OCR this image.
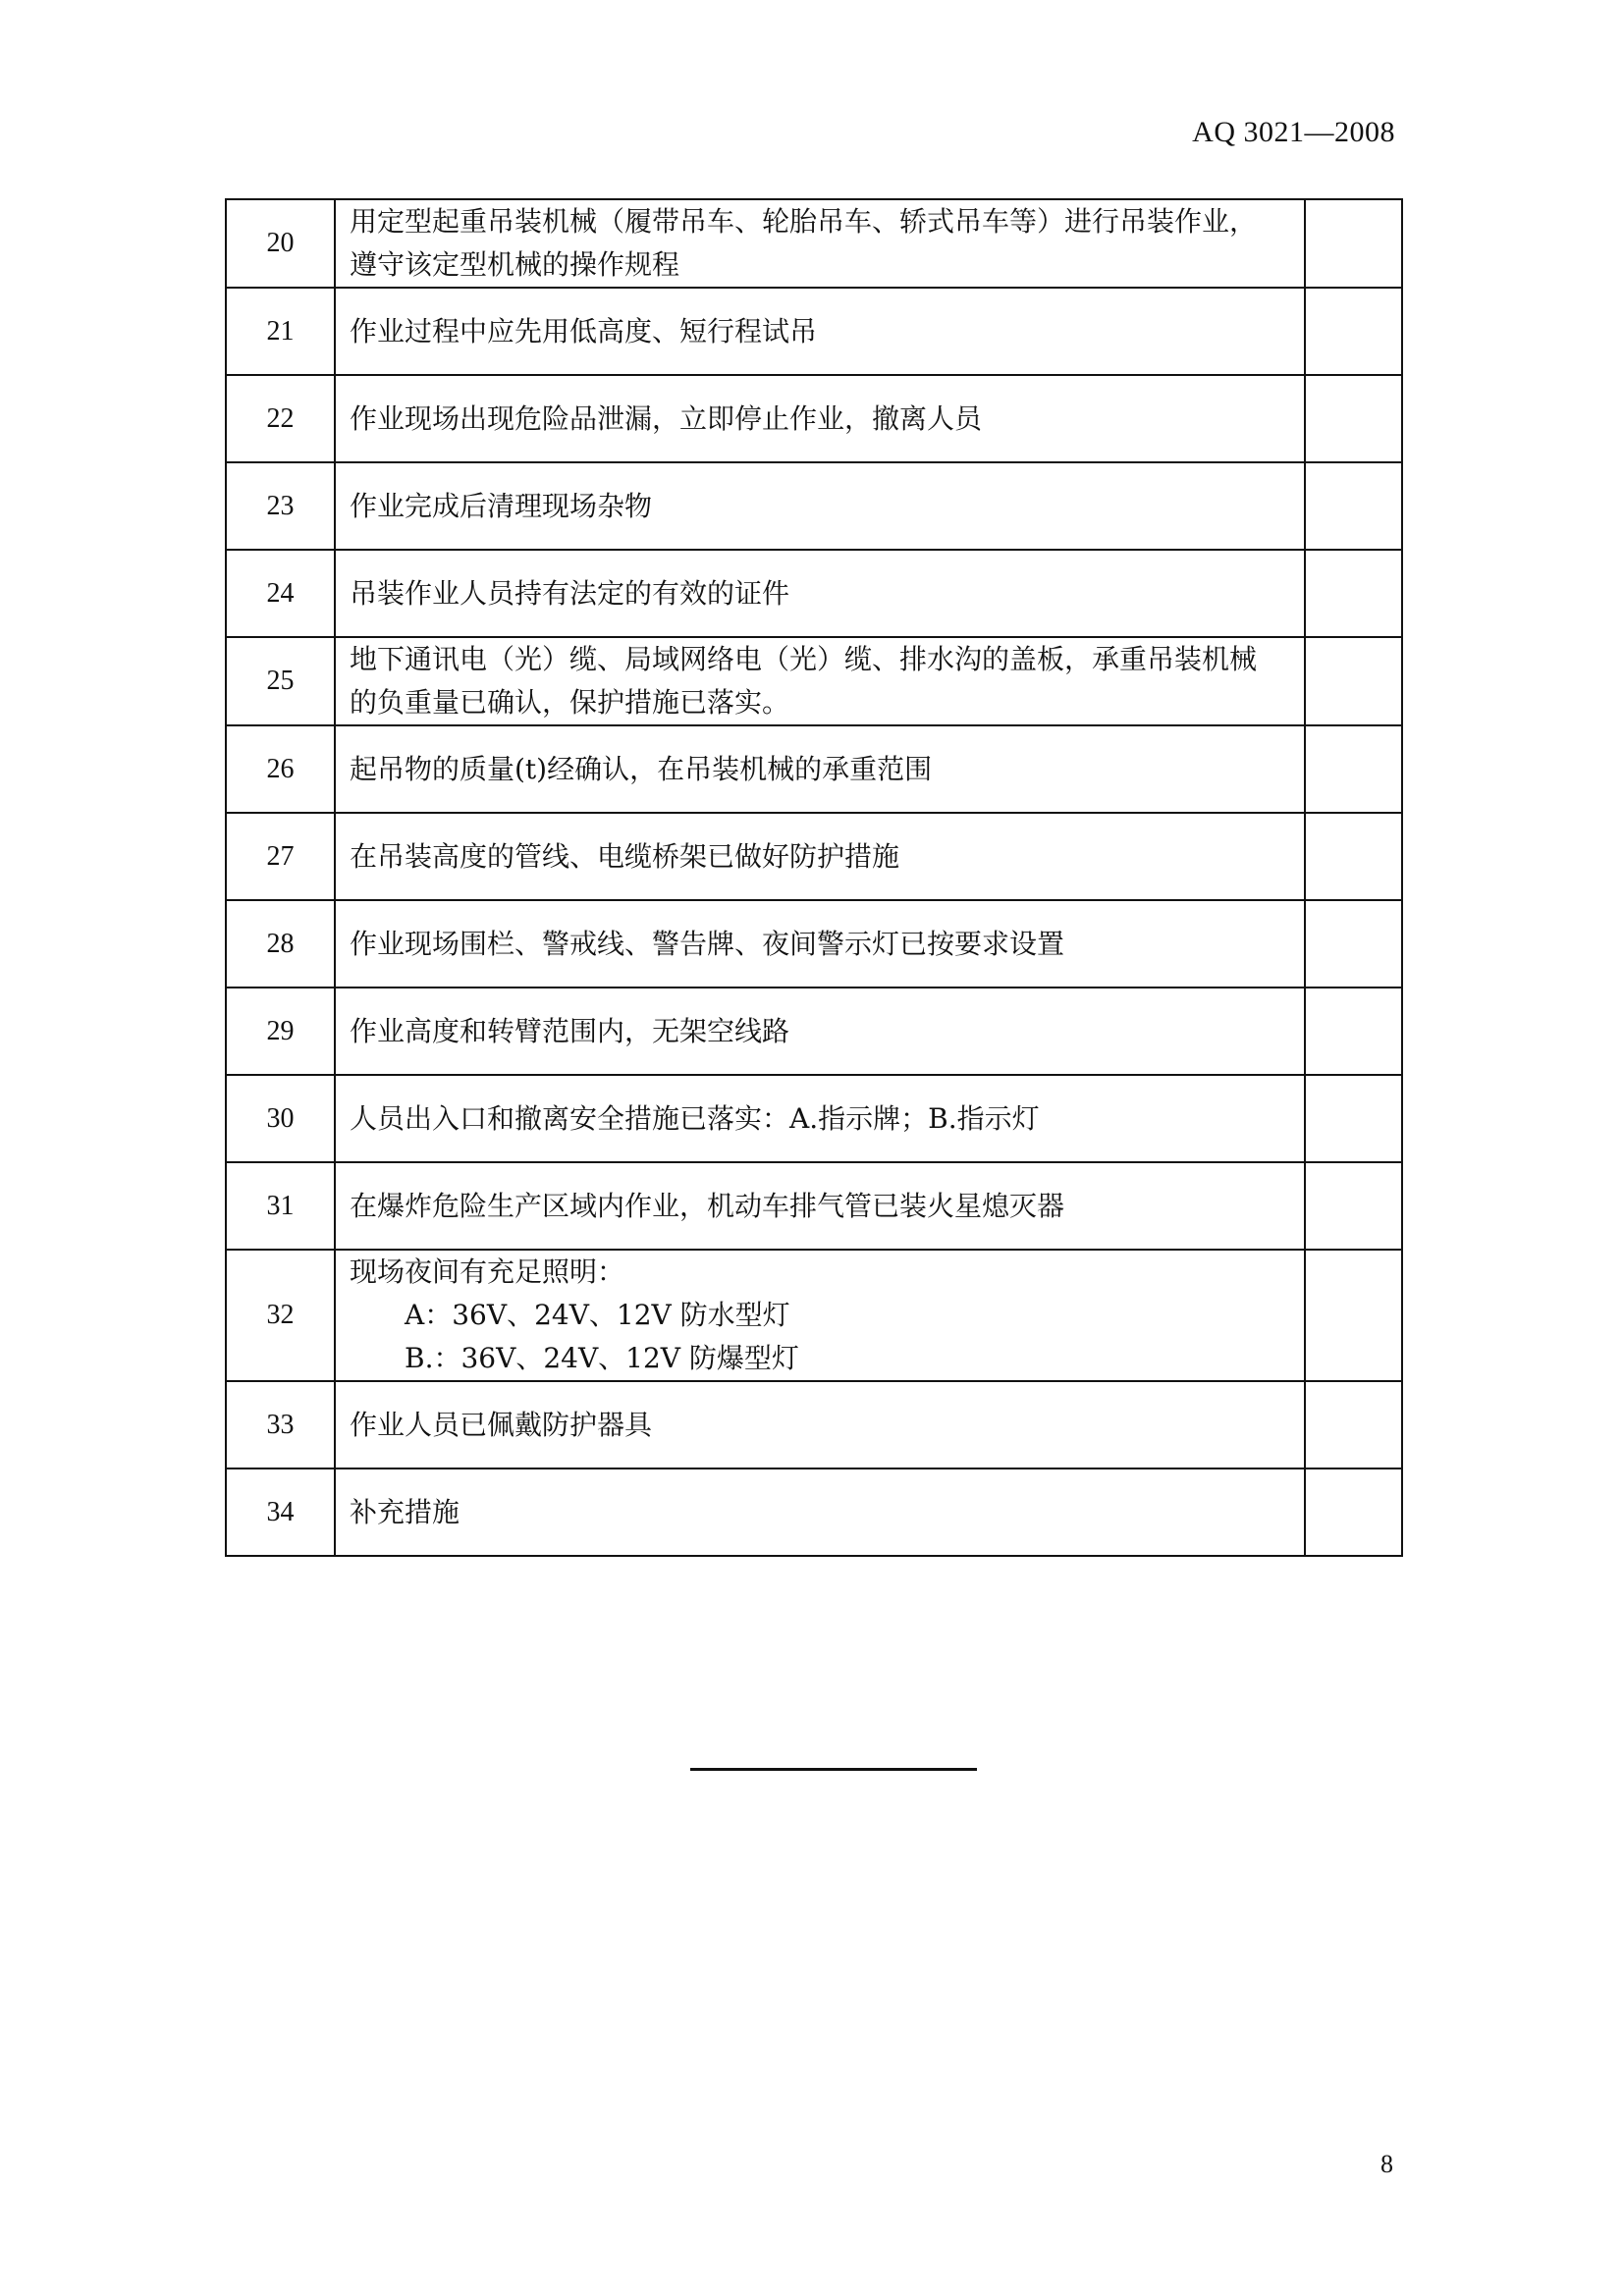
AQ 3021—2008
20	用定型起重吊装机械（履带吊车、轮胎吊车、轿式吊车等）进行吊装作业，
遵守该定型机械的操作规程	

21	作业过程中应先用低高度、短行程试吊	

22	作业现场出现危险品泄漏，立即停止作业，撤离人员	

23	作业完成后清理现场杂物	

24	吊装作业人员持有法定的有效的证件	

25	地下通讯电（光）缆、局域网络电（光）缆、排水沟的盖板，承重吊装机械
的负重量已确认，保护措施已落实。	

26	起吊物的质量(t)经确认，在吊装机械的承重范围	

27	在吊装高度的管线、电缆桥架已做好防护措施	

28	作业现场围栏、警戒线、警告牌、夜间警示灯已按要求设置	

29	作业高度和转臂范围内，无架空线路	

30	人员出入口和撤离安全措施已落实：A.指示牌；B.指示灯	

31	在爆炸危险生产区域内作业，机动车排气管已装火星熄灭器	

32	现场夜间有充足照明：
A：36V、24V、12V 防水型灯
B.：36V、24V、12V 防爆型灯	

33	作业人员已佩戴防护器具	

34	补充措施	

8
